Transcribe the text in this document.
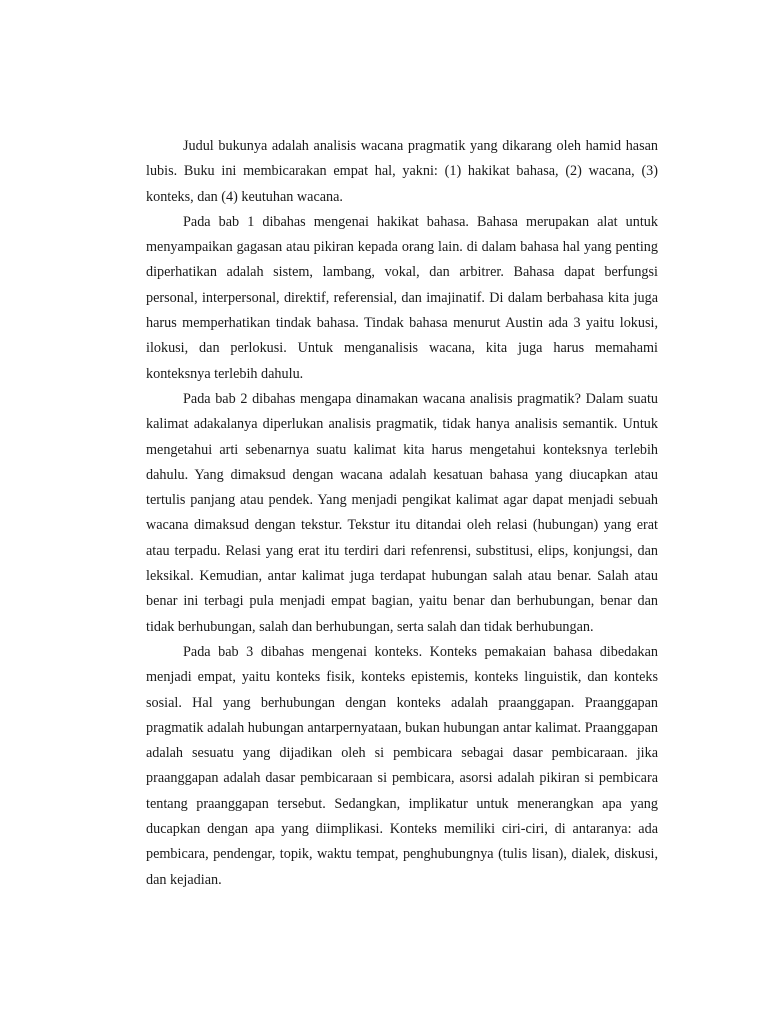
Judul bukunya adalah analisis wacana pragmatik yang dikarang oleh hamid hasan lubis. Buku ini membicarakan empat hal, yakni: (1) hakikat bahasa, (2) wacana, (3) konteks, dan (4) keutuhan wacana.

Pada bab 1 dibahas mengenai hakikat bahasa. Bahasa merupakan alat untuk menyampaikan gagasan atau pikiran kepada orang lain. di dalam bahasa hal yang penting diperhatikan adalah sistem, lambang, vokal, dan arbitrer. Bahasa dapat berfungsi personal, interpersonal, direktif, referensial, dan imajinatif. Di dalam berbahasa kita juga harus memperhatikan tindak bahasa. Tindak bahasa menurut Austin ada 3 yaitu lokusi, ilokusi, dan perlokusi. Untuk menganalisis wacana, kita juga harus memahami konteksnya terlebih dahulu.

Pada bab 2 dibahas mengapa dinamakan wacana analisis pragmatik? Dalam suatu kalimat adakalanya diperlukan analisis pragmatik, tidak hanya analisis semantik. Untuk mengetahui arti sebenarnya suatu kalimat kita harus mengetahui konteksnya terlebih dahulu. Yang dimaksud dengan wacana adalah kesatuan bahasa yang diucapkan atau tertulis panjang atau pendek. Yang menjadi pengikat kalimat agar dapat menjadi sebuah wacana dimaksud dengan tekstur. Tekstur itu ditandai oleh relasi (hubungan) yang erat atau terpadu. Relasi yang erat itu terdiri dari refenrensi, substitusi, elips, konjungsi, dan leksikal. Kemudian, antar kalimat juga terdapat hubungan salah atau benar. Salah atau benar ini terbagi pula menjadi empat bagian, yaitu benar dan berhubungan, benar dan tidak berhubungan, salah dan berhubungan, serta salah dan tidak berhubungan.

Pada bab 3 dibahas mengenai konteks. Konteks pemakaian bahasa dibedakan menjadi empat, yaitu konteks fisik, konteks epistemis, konteks linguistik, dan konteks sosial. Hal yang berhubungan dengan konteks adalah praanggapan. Praanggapan pragmatik adalah hubungan antarpernyataan, bukan hubungan antar kalimat. Praanggapan adalah sesuatu yang dijadikan oleh si pembicara sebagai dasar pembicaraan. jika praanggapan adalah dasar pembicaraan si pembicara, asorsi adalah pikiran si pembicara tentang praanggapan tersebut. Sedangkan, implikatur untuk menerangkan apa yang ducapkan dengan apa yang diimplikasi. Konteks memiliki ciri-ciri, di antaranya: ada pembicara, pendengar, topik, waktu tempat, penghubungnya (tulis lisan), dialek, diskusi, dan kejadian.
